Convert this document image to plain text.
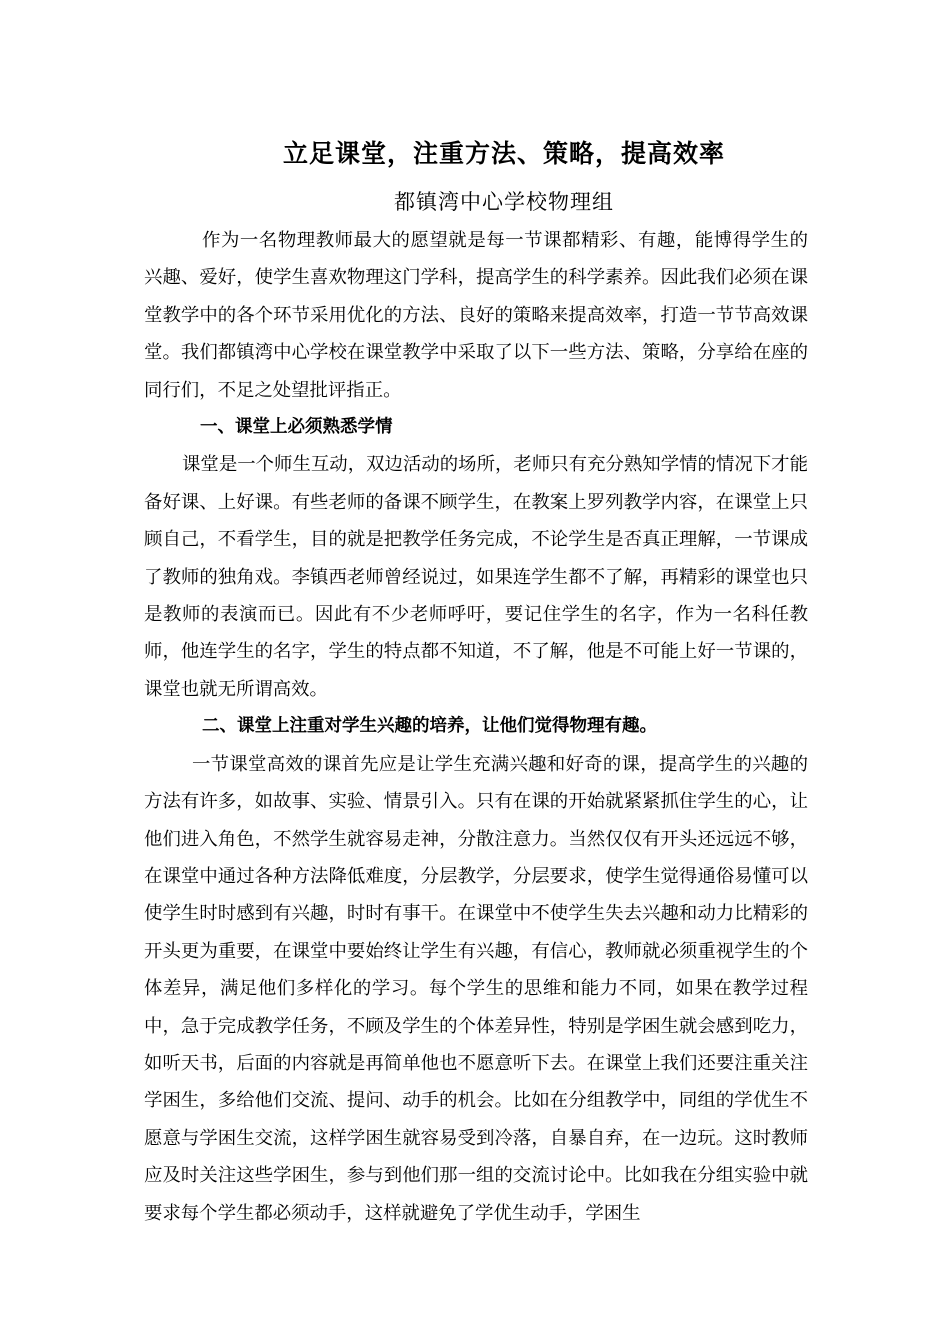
立足课堂，注重方法、策略，提高效率
都镇湾中心学校物理组

作为一名物理教师最大的愿望就是每一节课都精彩、有趣，能博得学生的兴趣、爱好，使学生喜欢物理这门学科，提高学生的科学素养。因此我们必须在课堂教学中的各个环节采用优化的方法、良好的策略来提高效率，打造一节节高效课堂。我们都镇湾中心学校在课堂教学中采取了以下一些方法、策略，分享给在座的同行们，不足之处望批评指正。

一、课堂上必须熟悉学情

课堂是一个师生互动，双边活动的场所，老师只有充分熟知学情的情况下才能备好课、上好课。有些老师的备课不顾学生，在教案上罗列教学内容，在课堂上只顾自己，不看学生，目的就是把教学任务完成，不论学生是否真正理解，一节课成了教师的独角戏。李镇西老师曾经说过，如果连学生都不了解，再精彩的课堂也只是教师的表演而已。因此有不少老师呼吁，要记住学生的名字，作为一名科任教师，他连学生的名字，学生的特点都不知道，不了解，他是不可能上好一节课的，课堂也就无所谓高效。

二、课堂上注重对学生兴趣的培养，让他们觉得物理有趣。

一节课堂高效的课首先应是让学生充满兴趣和好奇的课，提高学生的兴趣的方法有许多，如故事、实验、情景引入。只有在课的开始就紧紧抓住学生的心，让他们进入角色，不然学生就容易走神，分散注意力。当然仅仅有开头还远远不够，在课堂中通过各种方法降低难度，分层教学，分层要求，使学生觉得通俗易懂可以使学生时时感到有兴趣，时时有事干。在课堂中不使学生失去兴趣和动力比精彩的开头更为重要，在课堂中要始终让学生有兴趣，有信心，教师就必须重视学生的个体差异，满足他们多样化的学习。每个学生的思维和能力不同，如果在教学过程中，急于完成教学任务，不顾及学生的个体差异性，特别是学困生就会感到吃力，如听天书，后面的内容就是再简单他也不愿意听下去。在课堂上我们还要注重关注学困生，多给他们交流、提问、动手的机会。比如在分组教学中，同组的学优生不愿意与学困生交流，这样学困生就容易受到冷落，自暴自弃，在一边玩。这时教师应及时关注这些学困生，参与到他们那一组的交流讨论中。比如我在分组实验中就要求每个学生都必须动手，这样就避免了学优生动手，学困生
